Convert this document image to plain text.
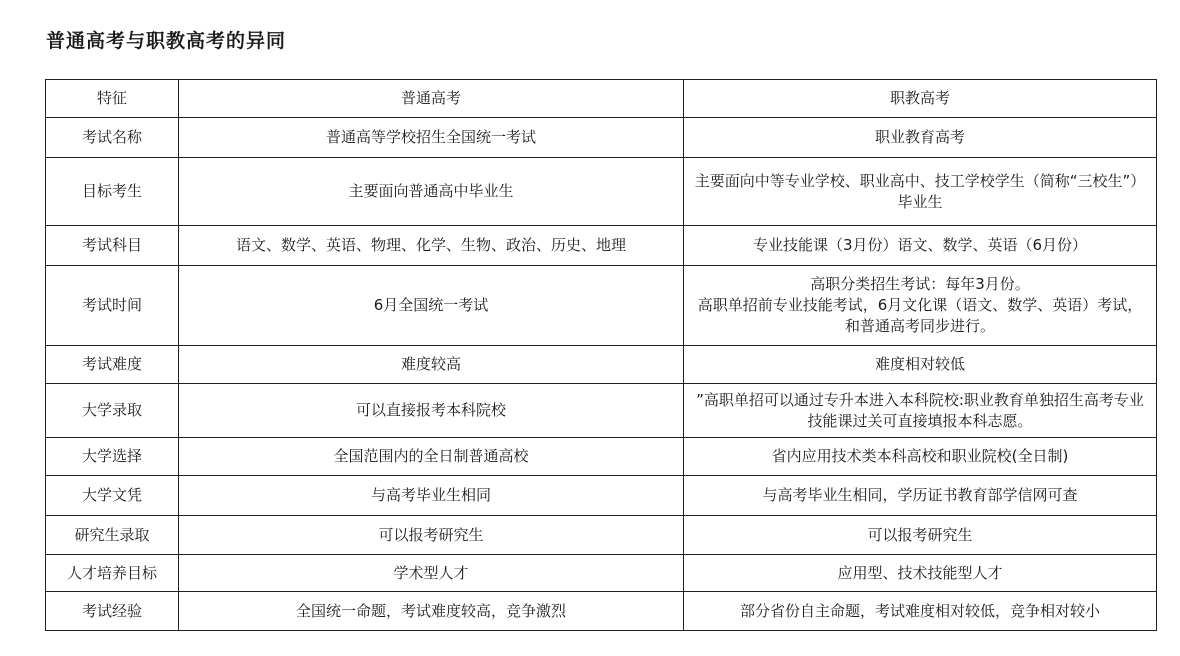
普通高考与职教高考的异同
特征	普通高考	职教高考
考试名称	普通高等学校招生全国统一考试	职业教育高考
目标考生	主要面向普通高中毕业生	主要面向中等专业学校、职业高中、技工学校学生（简称“三校生”）毕业生
考试科目	语文、数学、英语、物理、化学、生物、政治、历史、地理	专业技能课（3月份）语文、数学、英语（6月份）
考试时间	6月全国统一考试	高职分类招生考试：每年3月份。
高职单招前专业技能考试，6月文化课（语文、数学、英语）考试，和普通高考同步进行。

考试难度	难度较高	难度相对较低
大学录取	可以直接报考本科院校	”高职单招可以通过专升本进入本科院校:职业教育单独招生高考专业技能课过关可直接填报本科志愿。
大学选择	全国范围内的全日制普通高校	省内应用技术类本科高校和职业院校(全日制)
大学文凭	与高考毕业生相同	与高考毕业生相同，学历证书教育部学信网可查
研究生录取	可以报考研究生	可以报考研究生
人才培养目标	学术型人才	应用型、技术技能型人才
考试经验	全国统一命题，考试难度较高，竞争激烈	部分省份自主命题，考试难度相对较低，竞争相对较小
